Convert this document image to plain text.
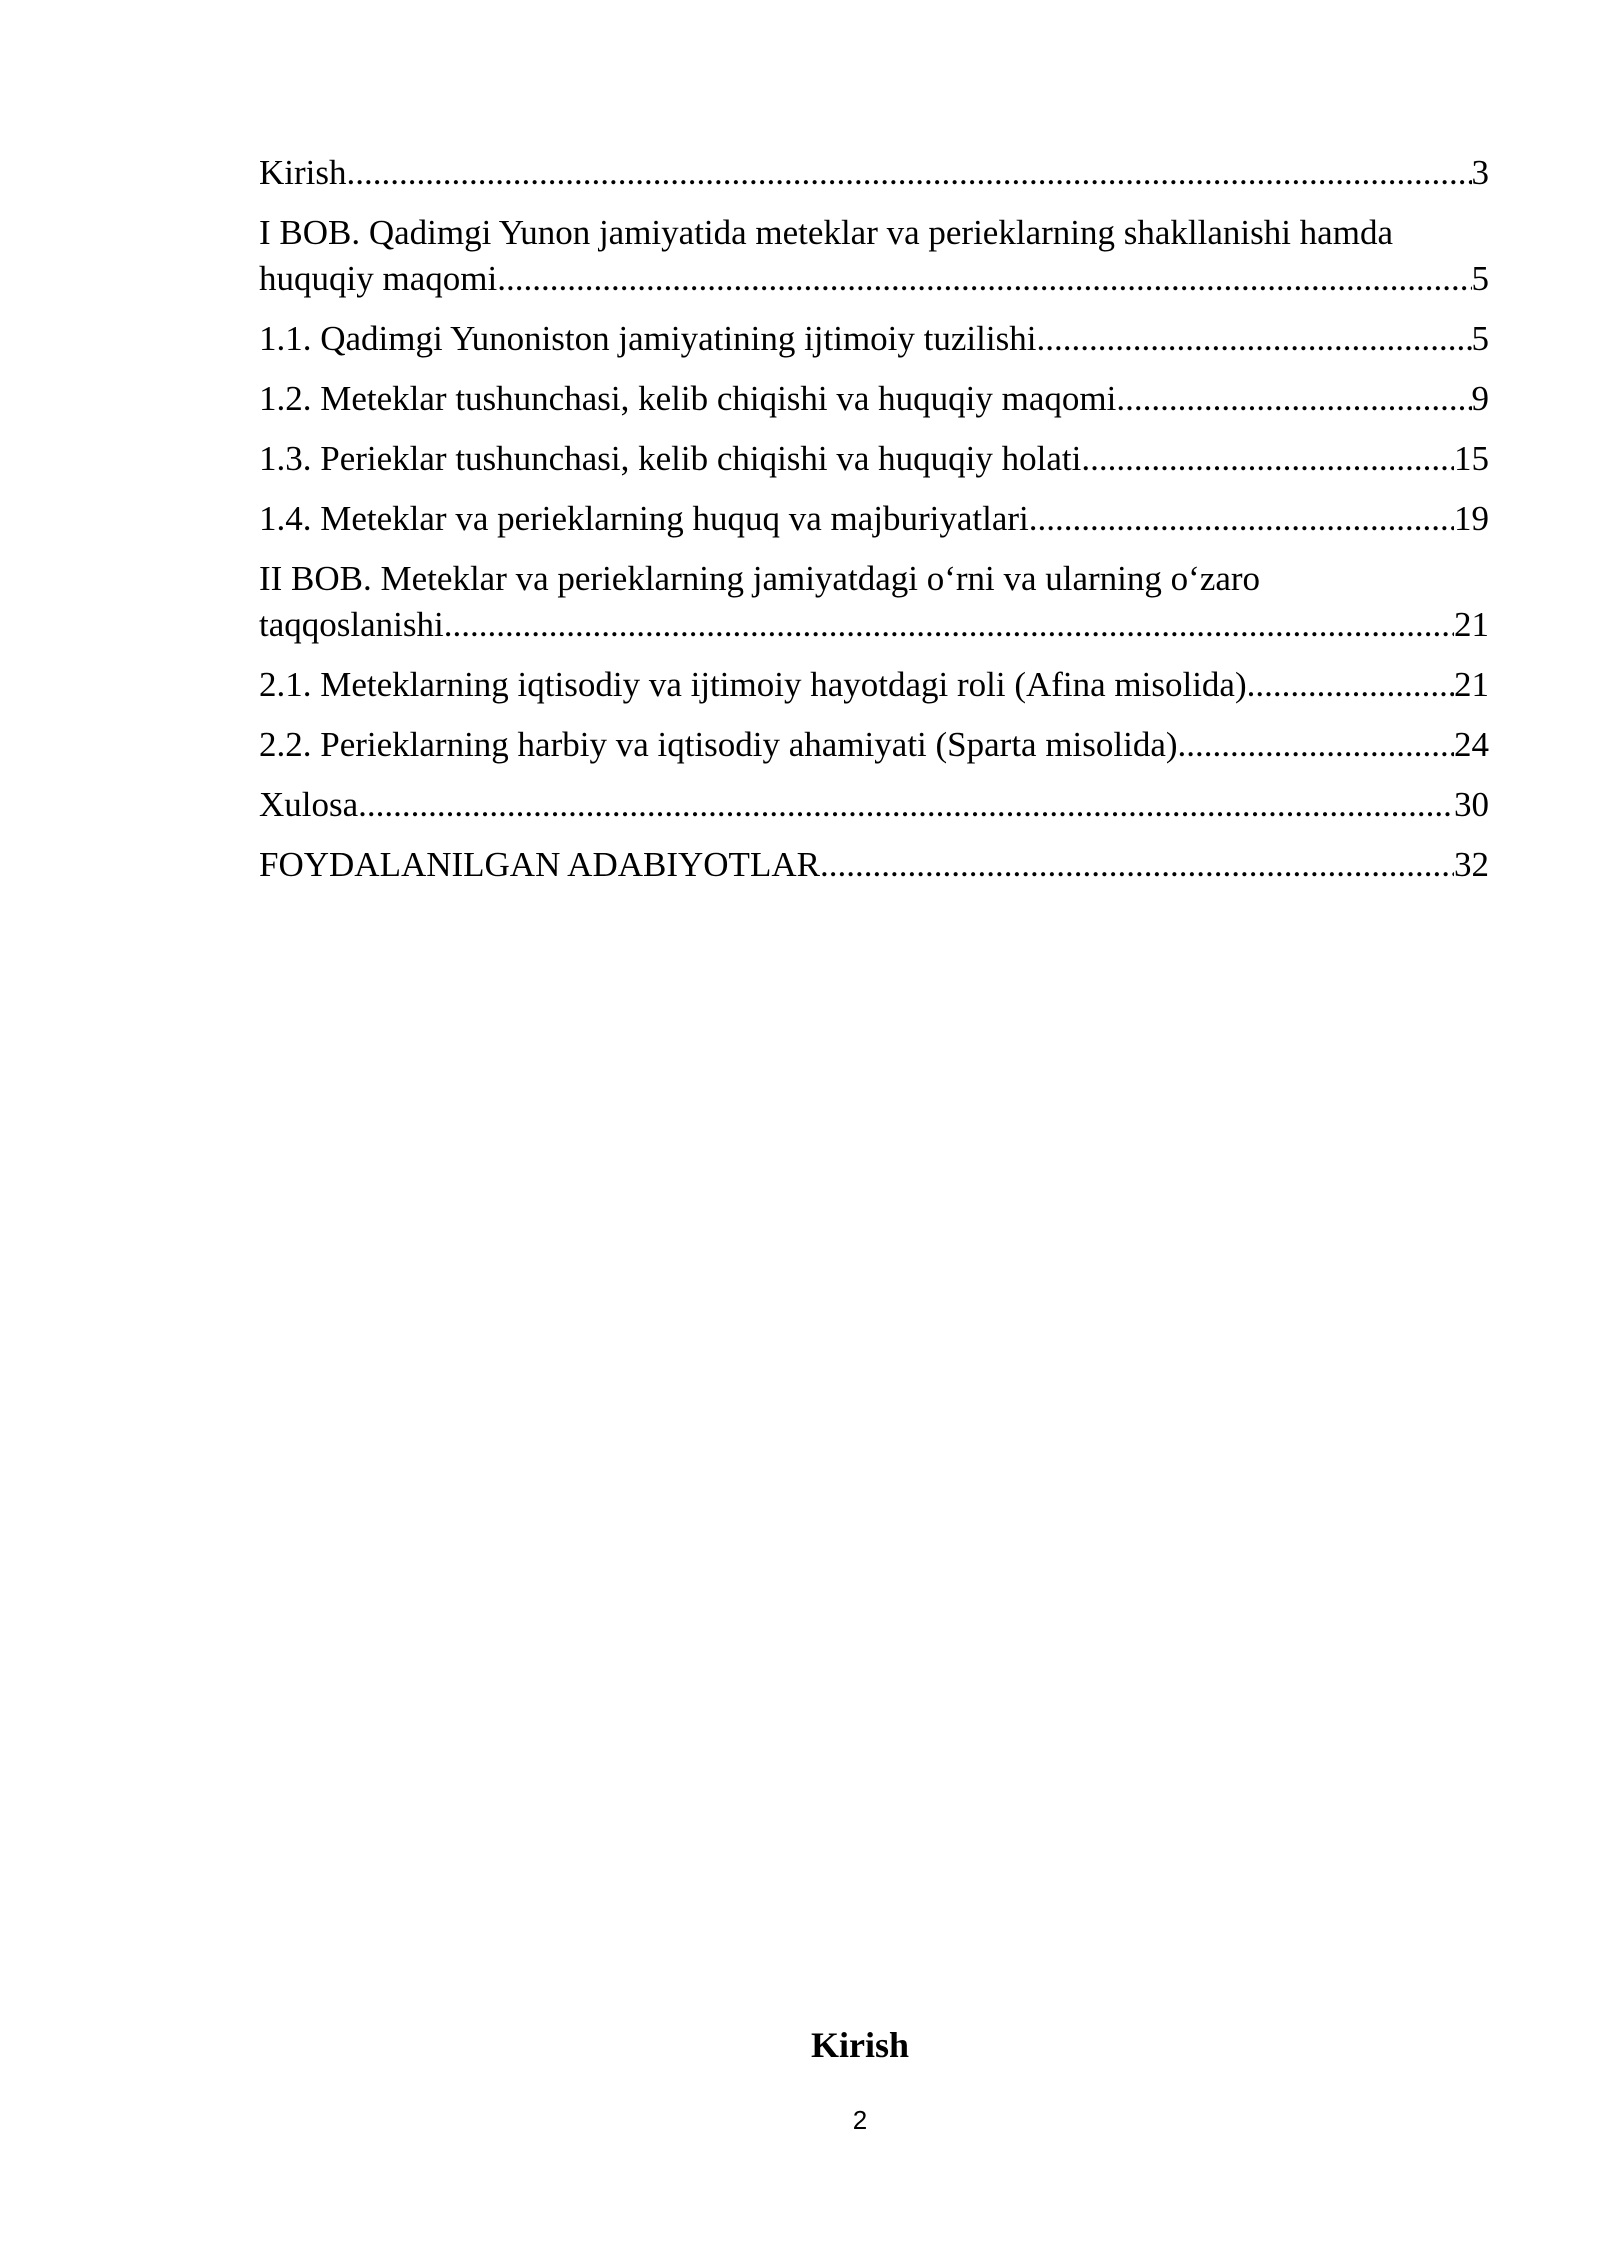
Kirish .....	3
I BOB. Qadimgi Yunon jamiyatida meteklar va perieklarning shakllanishi hamda
huquqiy maqomi .....	5
1.1. Qadimgi Yunoniston jamiyatining ijtimoiy tuzilishi .....	5
1.2. Meteklar tushunchasi, kelib chiqishi va huquqiy maqomi .....	9
1.3. Perieklar tushunchasi, kelib chiqishi va huquqiy holati .....	15
1.4. Meteklar va perieklarning huquq va majburiyatlari .....	19
II BOB. Meteklar va perieklarning jamiyatdagi o‘rni va ularning o‘zaro
taqqoslanishi .....	21
2.1. Meteklarning iqtisodiy va ijtimoiy hayotdagi roli (Afina misolida) .....	21
2.2. Perieklarning harbiy va iqtisodiy ahamiyati (Sparta misolida) .....	24
Xulosa .....	30
FOYDALANILGAN ADABIYOTLAR .....	32
Kirish
2
